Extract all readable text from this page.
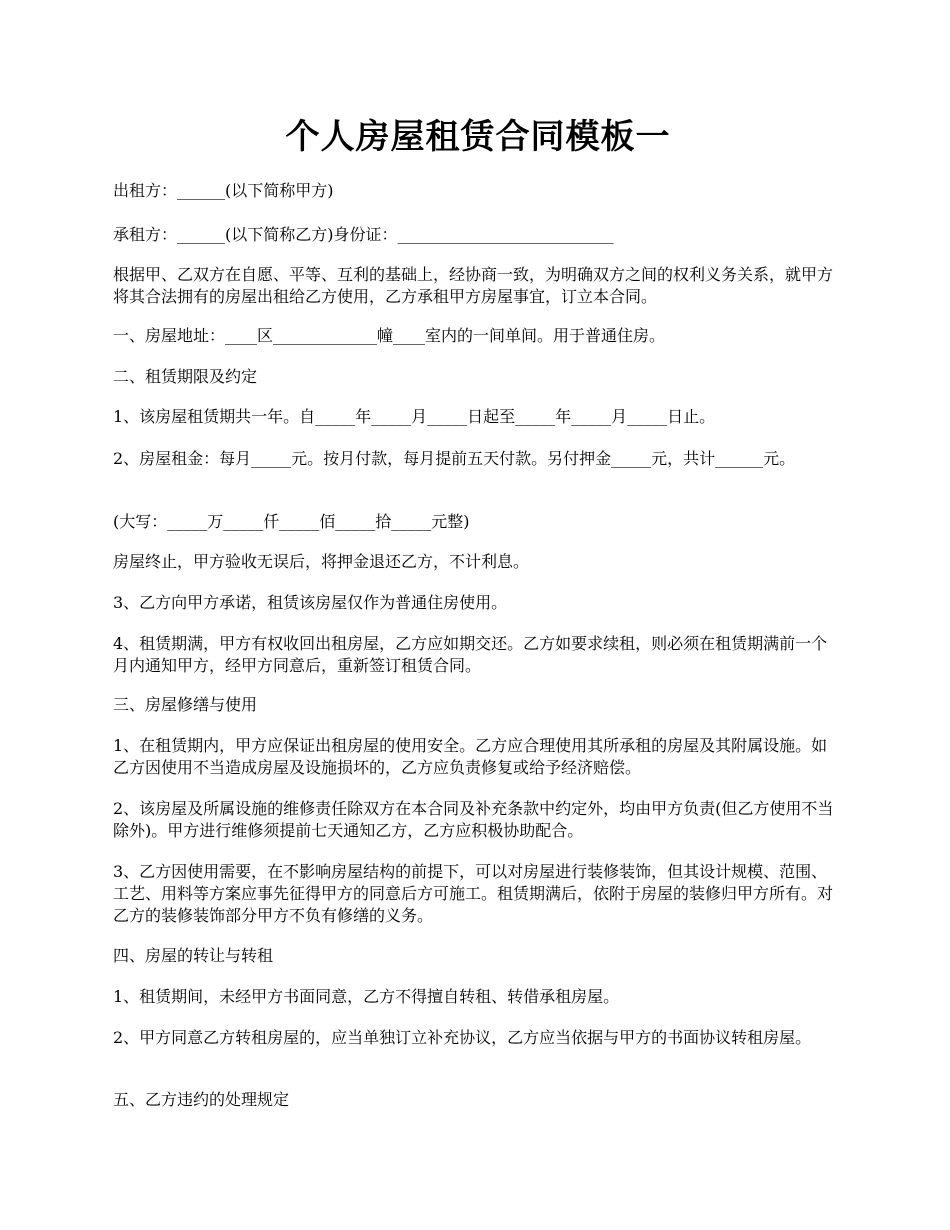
个人房屋租赁合同模板一

出租方：______(以下简称甲方)

承租方：______(以下简称乙方)身份证：___________________________

根据甲、乙双方在自愿、平等、互利的基础上，经协商一致，为明确双方之间的权利义务关系，就甲方将其合法拥有的房屋出租给乙方使用，乙方承租甲方房屋事宜，订立本合同。

一、房屋地址：____区_____________幢____室内的一间单间。用于普通住房。

二、租赁期限及约定

1、该房屋租赁期共一年。自_____年_____月_____日起至_____年_____月_____日止。

2、房屋租金：每月_____元。按月付款，每月提前五天付款。另付押金_____元，共计______元。

(大写：_____万_____仟_____佰_____拾_____元整)

房屋终止，甲方验收无误后，将押金退还乙方，不计利息。

3、乙方向甲方承诺，租赁该房屋仅作为普通住房使用。

4、租赁期满，甲方有权收回出租房屋，乙方应如期交还。乙方如要求续租，则必须在租赁期满前一个月内通知甲方，经甲方同意后，重新签订租赁合同。

三、房屋修缮与使用

1、在租赁期内，甲方应保证出租房屋的使用安全。乙方应合理使用其所承租的房屋及其附属设施。如乙方因使用不当造成房屋及设施损坏的，乙方应负责修复或给予经济赔偿。

2、该房屋及所属设施的维修责任除双方在本合同及补充条款中约定外，均由甲方负责(但乙方使用不当除外)。甲方进行维修须提前七天通知乙方，乙方应积极协助配合。

3、乙方因使用需要，在不影响房屋结构的前提下，可以对房屋进行装修装饰，但其设计规模、范围、工艺、用料等方案应事先征得甲方的同意后方可施工。租赁期满后，依附于房屋的装修归甲方所有。对乙方的装修装饰部分甲方不负有修缮的义务。

四、房屋的转让与转租

1、租赁期间，未经甲方书面同意，乙方不得擅自转租、转借承租房屋。

2、甲方同意乙方转租房屋的，应当单独订立补充协议，乙方应当依据与甲方的书面协议转租房屋。

五、乙方违约的处理规定
